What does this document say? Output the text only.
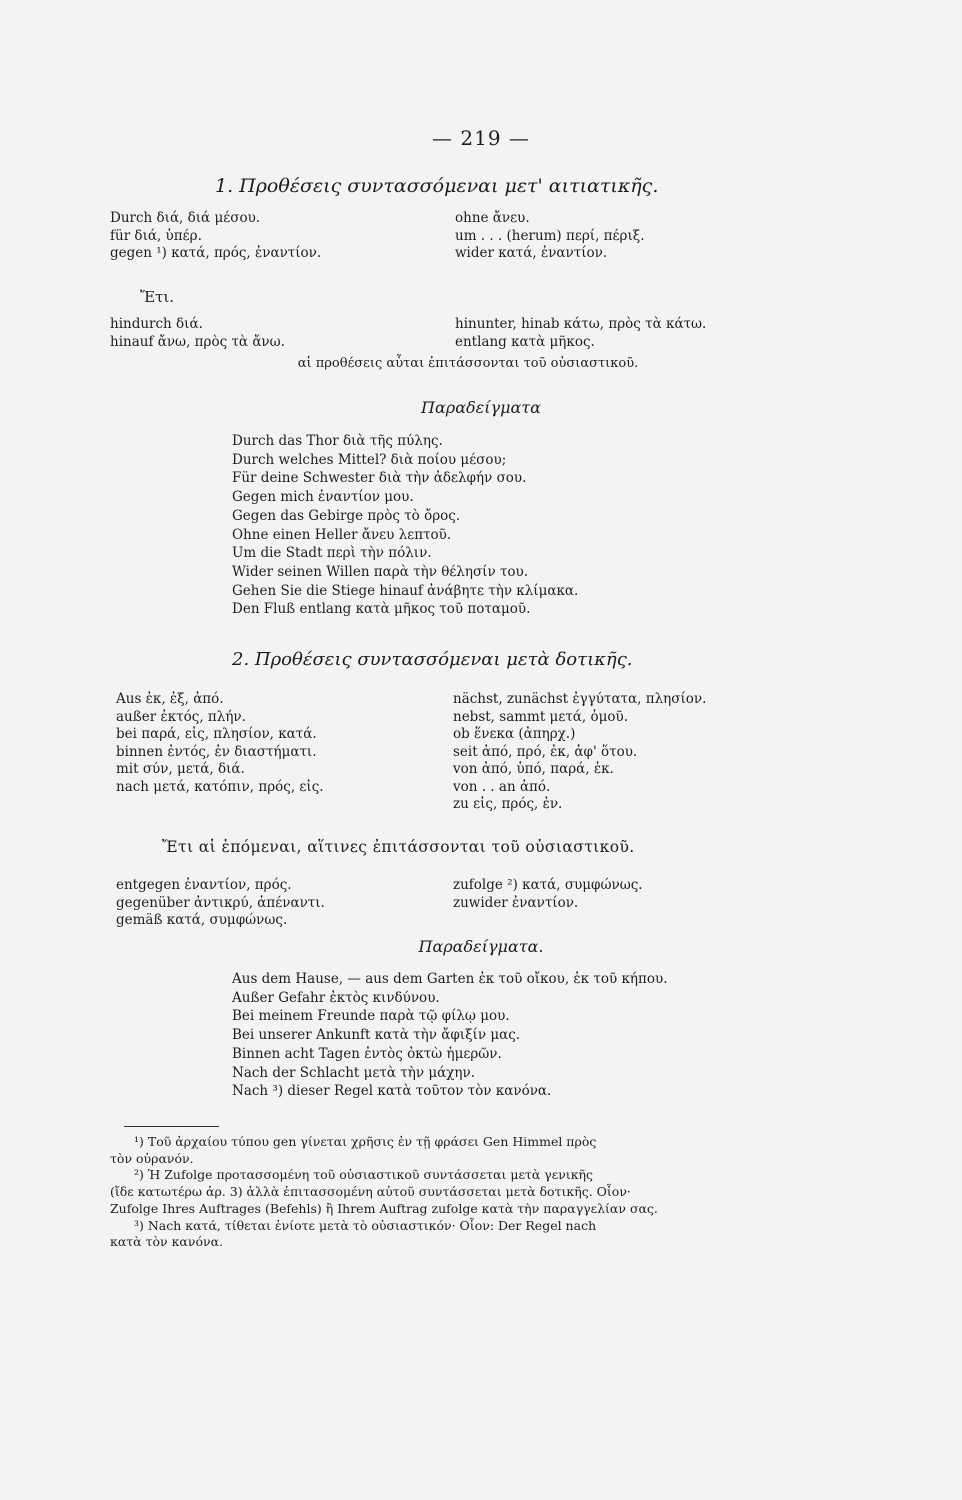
— 219 —
1. Προθέσεις συντασσόμεναι μετ' αιτιατικῆς.
Durch διά, διά μέσου.
für διά, ὑπέρ.
gegen ¹) κατά, πρός, ἐναντίον.
ohne ἄνευ.
um . . . (herum) περί, πέριξ.
wider κατά, ἐναντίον.
Ἔτι.
hindurch διά.
hinauf ἄνω, πρὸς τὰ ἄνω.
hinunter, hinab κάτω, πρὸς τὰ κάτω.
entlang κατὰ μῆκος.
αἱ προθέσεις αὗται ἐπιτάσσονται τοῦ οὐσιαστικοῦ.
Παραδείγματα
Durch das Thor διὰ τῆς πύλης.
Durch welches Mittel? διὰ ποίου μέσου;
Für deine Schwester διὰ τὴν ἀδελφήν σου.
Gegen mich ἐναντίον μου.
Gegen das Gebirge πρὸς τὸ ὄρος.
Ohne einen Heller ἄνευ λεπτοῦ.
Um die Stadt περὶ τὴν πόλιν.
Wider seinen Willen παρὰ τὴν θέλησίν του.
Gehen Sie die Stiege hinauf ἀνάβητε τὴν κλίμακα.
Den Fluß entlang κατὰ μῆκος τοῦ ποταμοῦ.
2. Προθέσεις συντασσόμεναι μετὰ δοτικῆς.
Aus ἐκ, ἐξ, ἀπό.
außer ἐκτός, πλήν.
bei παρά, εἰς, πλησίον, κατά.
binnen ἐντός, ἐν διαστήματι.
mit σύν, μετά, διά.
nach μετά, κατόπιν, πρός, εἰς.
nächst, zunächst ἐγγύτατα, πλησίον.
nebst, sammt μετά, ὁμοῦ.
ob ἕνεκα (ἀπηρχ.)
seit ἀπό, πρό, ἐκ, ἀφ' ὅτου.
von ἀπό, ὑπό, παρά, ἐκ.
von . . an ἀπό.
zu εἰς, πρός, ἐν.
Ἔτι αἱ ἑπόμεναι, αἵτινες ἐπιτάσσονται τοῦ οὐσιαστικοῦ.
entgegen ἐναντίον, πρός.
gegenüber ἀντικρύ, ἀπέναντι.
gemäß κατά, συμφώνως.
zufolge ²) κατά, συμφώνως.
zuwider ἐναντίον.
Παραδείγματα.
Aus dem Hause, — aus dem Garten ἐκ τοῦ οἴκου, ἐκ τοῦ κήπου.
Außer Gefahr ἐκτὸς κινδύνου.
Bei meinem Freunde παρὰ τῷ φίλῳ μου.
Bei unserer Ankunft κατὰ τὴν ἄφιξίν μας.
Binnen acht Tagen ἐντὸς ὀκτὼ ἡμερῶν.
Nach der Schlacht μετὰ τὴν μάχην.
Nach ³) dieser Regel κατὰ τοῦτον τὸν κανόνα.
¹) Τοῦ ἀρχαίου τύπου gen γίνεται χρῆσις ἐν τῇ φράσει Gen Himmel πρὸς
τὸν οὐρανόν.
²) Ἡ Zufolge προτασσομένη τοῦ οὐσιαστικοῦ συντάσσεται μετὰ γενικῆς
(ἴδε κατωτέρω ἀρ. 3) ἀλλὰ ἐπιτασσομένη αὐτοῦ συντάσσεται μετὰ δοτικῆς. Οἷον·
Zufolge Ihres Auftrages (Befehls) ἢ Ihrem Auftrag zufolge κατὰ τὴν παραγγελίαν σας.
³) Nach κατά, τίθεται ἐνίοτε μετὰ τὸ οὐσιαστικόν· Οἷον: Der Regel nach
κατὰ τὸν κανόνα.
